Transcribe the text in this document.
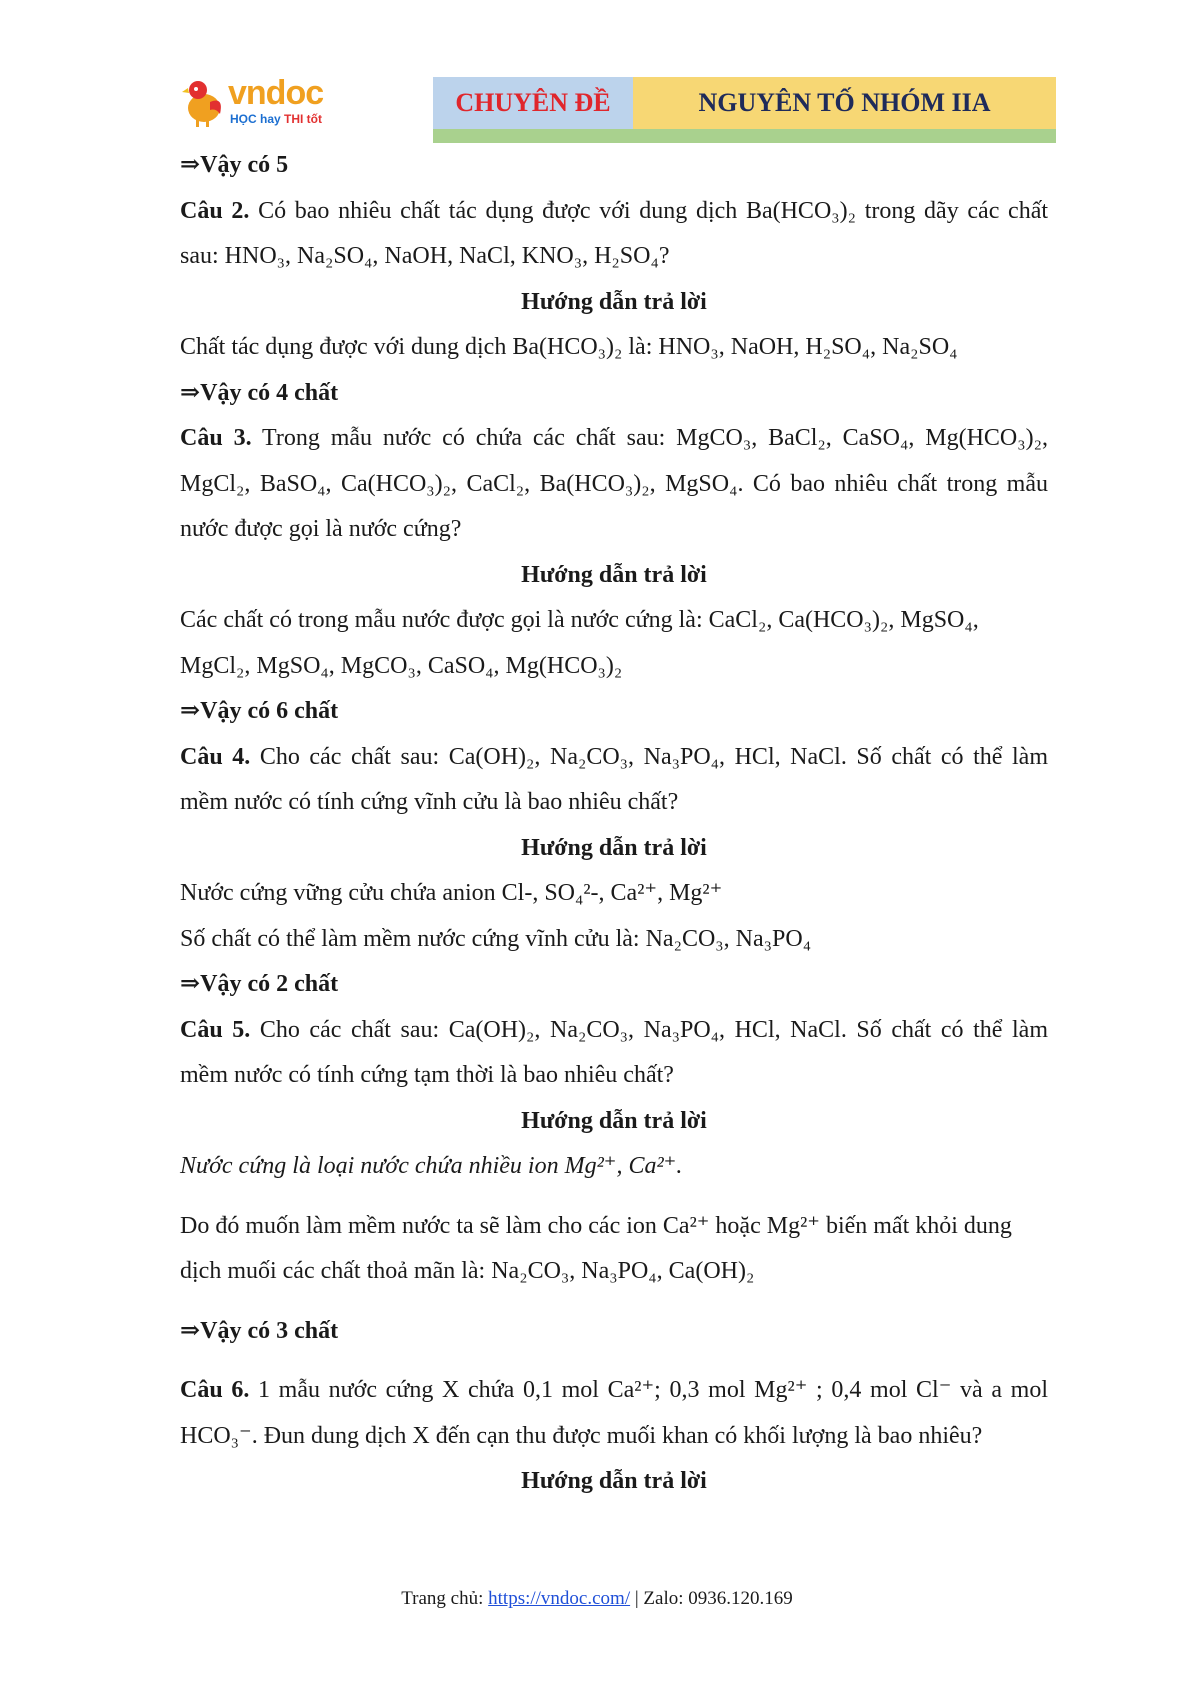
vndoc
HỌC hay THI tốt
CHUYÊN ĐỀ	NGUYÊN TỐ NHÓM IIA

⇒Vậy có 5

Câu 2. Có bao nhiêu chất tác dụng được với dung dịch Ba(HCO₃)₂ trong dãy các chất sau: HNO₃, Na₂SO₄, NaOH, NaCl, KNO₃, H₂SO₄?

Hướng dẫn trả lời

Chất tác dụng được với dung dịch Ba(HCO₃)₂ là: HNO₃, NaOH, H₂SO₄, Na₂SO₄

⇒Vậy có 4 chất

Câu 3. Trong mẫu nước có chứa các chất sau: MgCO₃, BaCl₂, CaSO₄, Mg(HCO₃)₂, MgCl₂, BaSO₄, Ca(HCO₃)₂, CaCl₂, Ba(HCO₃)₂, MgSO₄. Có bao nhiêu chất trong mẫu nước được gọi là nước cứng?

Hướng dẫn trả lời

Các chất có trong mẫu nước được gọi là nước cứng là: CaCl₂, Ca(HCO₃)₂, MgSO₄, MgCl₂, MgSO₄, MgCO₃, CaSO₄, Mg(HCO₃)₂

⇒Vậy có 6 chất

Câu 4. Cho các chất sau: Ca(OH)₂, Na₂CO₃, Na₃PO₄, HCl, NaCl. Số chất có thể làm mềm nước có tính cứng vĩnh cửu là bao nhiêu chất?

Hướng dẫn trả lời

Nước cứng vững cửu chứa anion Cl-, SO₄²-, Ca²⁺, Mg²⁺

Số chất có thể làm mềm nước cứng vĩnh cửu là: Na₂CO₃, Na₃PO₄

⇒Vậy có 2 chất

Câu 5. Cho các chất sau: Ca(OH)₂, Na₂CO₃, Na₃PO₄, HCl, NaCl. Số chất có thể làm mềm nước có tính cứng tạm thời là bao nhiêu chất?

Hướng dẫn trả lời

Nước cứng là loại nước chứa nhiều ion Mg²⁺, Ca²⁺.

Do đó muốn làm mềm nước ta sẽ làm cho các ion Ca²⁺ hoặc Mg²⁺ biến mất khỏi dung dịch muối các chất thoả mãn là: Na₂CO₃, Na₃PO₄, Ca(OH)₂

⇒Vậy có 3 chất

Câu 6. 1 mẫu nước cứng X chứa 0,1 mol Ca²⁺; 0,3 mol Mg²⁺ ; 0,4 mol Cl⁻ và a mol HCO₃⁻. Đun dung dịch X đến cạn thu được muối khan có khối lượng là bao nhiêu?

Hướng dẫn trả lời

Trang chủ: https://vndoc.com/ | Zalo: 0936.120.169
